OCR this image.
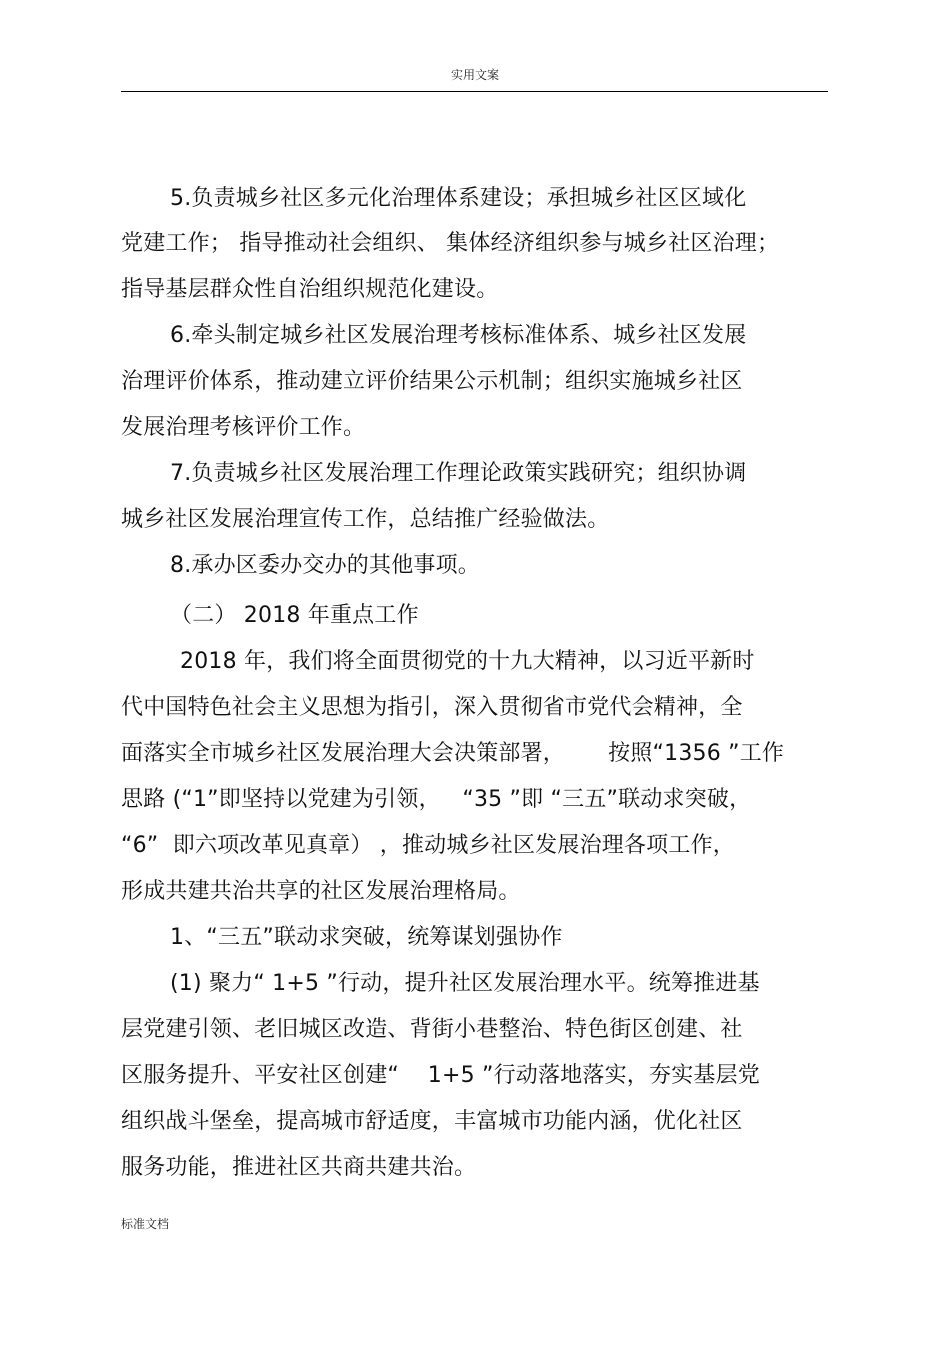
实用文案
5.负责城乡社区多元化治理体系建设；承担城乡社区区域化
党建工作； 指导推动社会组织、 集体经济组织参与城乡社区治理；
指导基层群众性自治组织规范化建设。
6.牵头制定城乡社区发展治理考核标准体系、城乡社区发展
治理评价体系，推动建立评价结果公示机制；组织实施城乡社区
发展治理考核评价工作。
7.负责城乡社区发展治理工作理论政策实践研究；组织协调
城乡社区发展治理宣传工作，总结推广经验做法。
8.承办区委办交办的其他事项。
（二） 2018 年重点工作
2018 年，我们将全面贯彻党的十九大精神，以习近平新时
代中国特色社会主义思想为指引，深入贯彻省市党代会精神，全
面落实全市城乡社区发展治理大会决策部署，      按照“1356 ”工作
思路 (“1”即坚持以党建为引领，   “35 ”即 “三五”联动求突破，
“6”  即六项改革见真章） ，推动城乡社区发展治理各项工作，
形成共建共治共享的社区发展治理格局。
1、“三五”联动求突破，统筹谋划强协作
(1) 聚力“ 1+5 ”行动，提升社区发展治理水平。统筹推进基
层党建引领、老旧城区改造、背街小巷整治、特色街区创建、社
区服务提升、平安社区创建“    1+5 ”行动落地落实，夯实基层党
组织战斗堡垒，提高城市舒适度，丰富城市功能内涵，优化社区
服务功能，推进社区共商共建共治。
标准文档
